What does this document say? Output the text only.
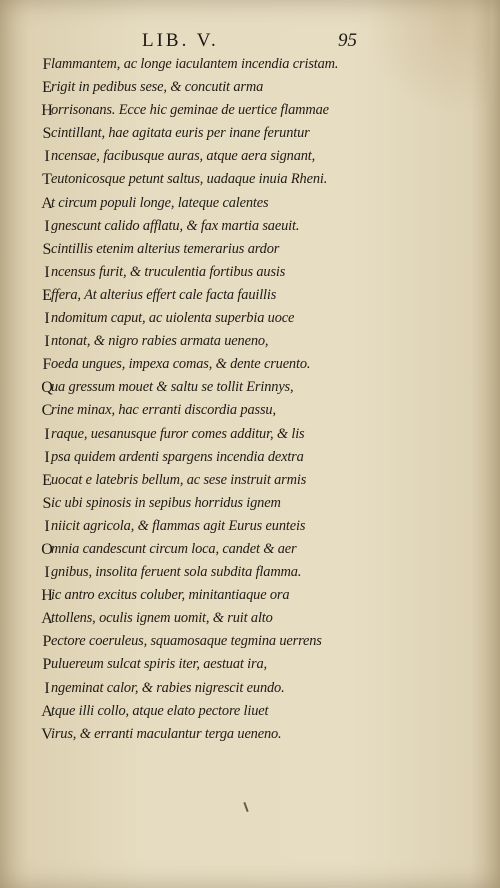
LIB. V.	95
F lammantem, ac longe iaculantem incendia cristam.
E rigit in pedibus sese, & concutit arma
H
orrisonans. Ecce hic geminae de uertice flammae
S cintillant, hae agitata euris per inane feruntur
I ncensae, facibusque auras, atque aera signant,
T eutonicosque petunt saltus, uadaque inuia Rheni.
A
t circum populi longe, lateque calentes
I gnescunt calido afflatu, & fax martia saeuit.
S cintillis etenim alterius temerarius ardor
I ncensus furit, & truculentia fortibus ausis
E ffera, At alterius effert cale facta fauillis
I ndomitum caput, ac uiolenta superbia uoce
I ntonat, & nigro rabies armata ueneno,
F oeda ungues, impexa comas, & dente cruento.
Q
ua gressum mouet & saltu se tollit Erinnys,
C
rine minax, hac erranti discordia passu,
I raque, uesanusque furor comes additur, & lis
I psa quidem ardenti spargens incendia dextra
E uocat e latebris bellum, ac sese instruit armis
S ic ubi spinosis in sepibus horridus ignem
I niicit agricola, & flammas agit Eurus eunteis
O
mnia candescunt circum loca, candet & aer
I gnibus, insolita feruent sola subdita flamma.
H
ic antro excitus coluber, minitantiaque ora
A
ttollens, oculis ignem uomit, & ruit alto
P ectore coeruleus, squamosaque tegmina uerrens
P uluereum sulcat spiris iter, aestuat ira,
I ngeminat calor, & rabies nigrescit eundo.
A
tque illi collo, atque elato pectore liuet
V
irus, & erranti maculantur terga ueneno.
